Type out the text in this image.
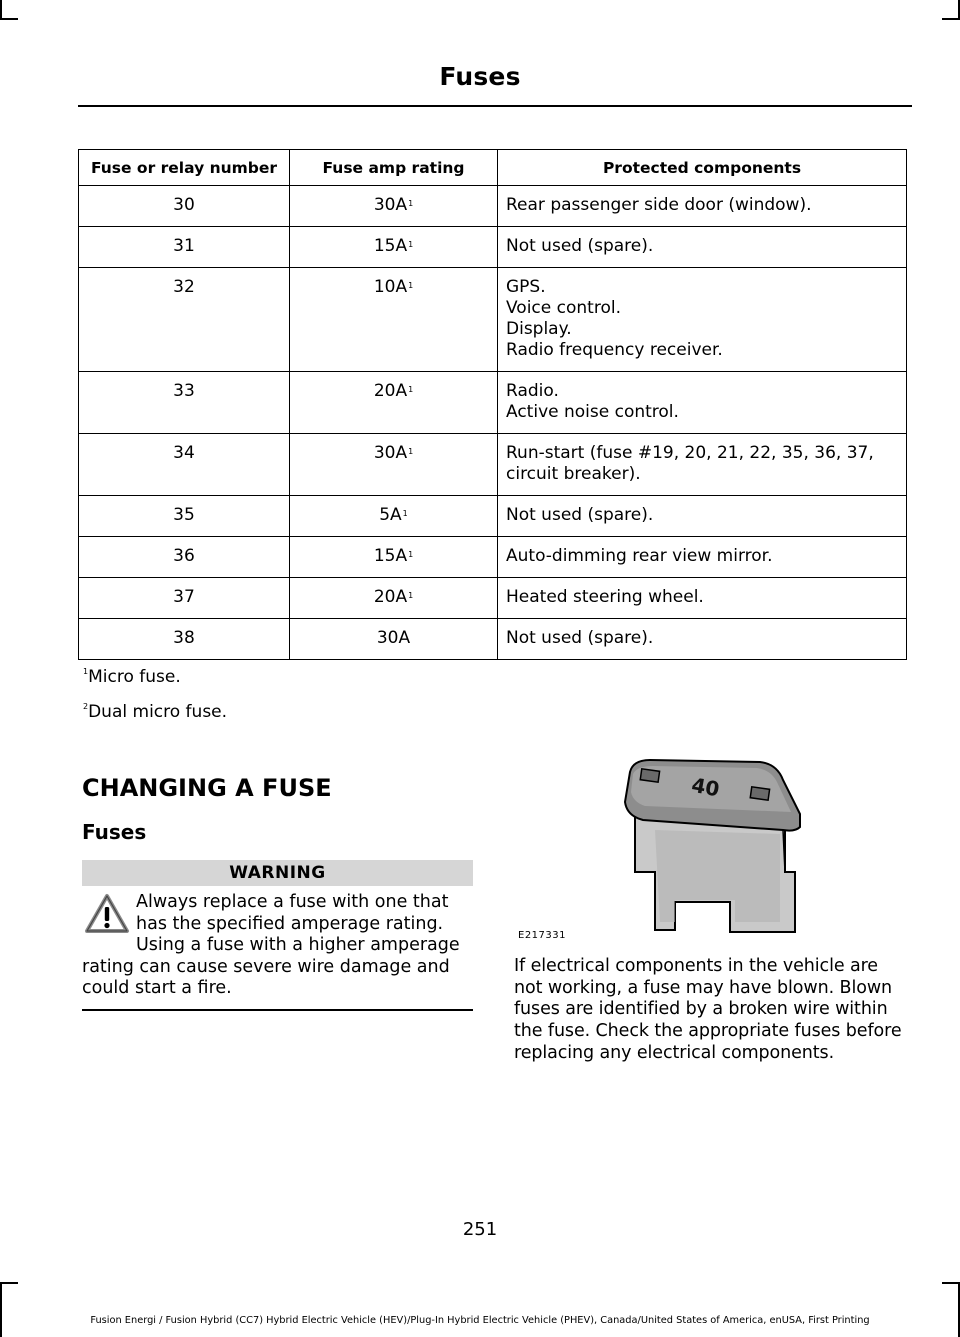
Fuses
Fuse or relay number	Fuse amp rating	Protected components
30	$30A^1$	Rear passenger side door (window).

31	$15A^1$	Not used (spare).

32	$10A^1$	GPS.
Voice control.
Display.
Radio frequency receiver.

33	$20A^1$	Radio.
Active noise control.

34	$30A^1$	Run-start (fuse #19, 20, 21, 22, 35, 36, 37,
circuit breaker).

35	$5A^1$	Not used (spare).

36	$15A^1$	Auto-dimming rear view mirror.

37	$20A^1$	Heated steering wheel.

38	30A	Not used (spare).
$^1$Micro fuse.
$^2$Dual micro fuse.
CHANGING A FUSE
Fuses
WARNING
Always replace a fuse with one that has the specified amperage rating. Using a fuse with a higher amperage rating can cause severe wire damage and could start a fire.
40
E217331
If electrical components in the vehicle are not working, a fuse may have blown. Blown fuses are identified by a broken wire within the fuse. Check the appropriate fuses before replacing any electrical components.
251
Fusion Energi / Fusion Hybrid (CC7) Hybrid Electric Vehicle (HEV)/Plug-In Hybrid Electric Vehicle (PHEV), Canada/United States of America, enUSA, First Printing
